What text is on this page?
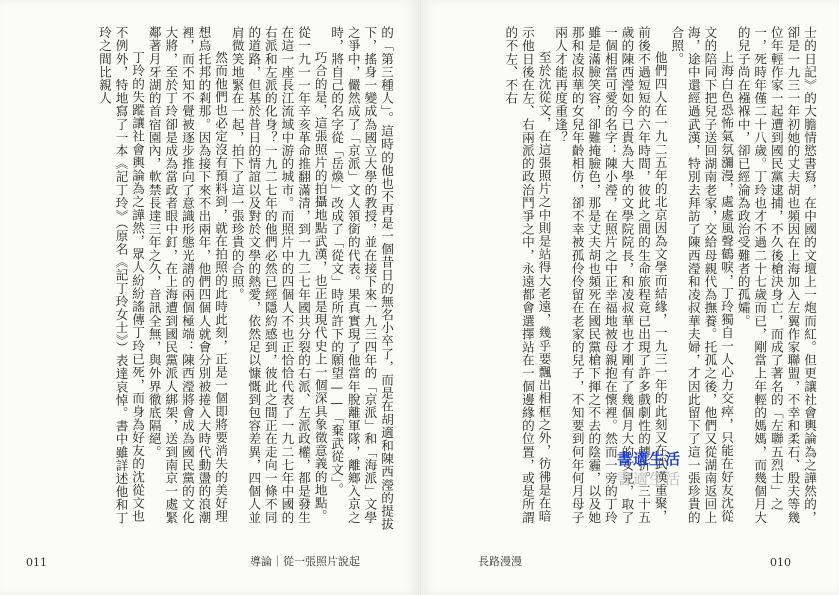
的「第三種人」。這時的他也不再是一個昔日的無名小卒了，而是在胡適和陳西瀅的提拔下，搖身一變成為國立大學的教授，並在接下來一九三四年的「京派」和「海派」文學之爭中，儼然成了「京派」文人領銜的代表。果真實現了他當年脫離軍隊，離鄉入京之時，將自己的名字從「岳煥」改成了「從文」時所許下的願望——「棄武從文」。

巧合的是，這張照片的拍攝地點武漢，也正是現代史上一個深具象徵意義的地點。從一九一一年辛亥革命推翻滿清，到一九二七年國共分裂的右派、左派政權，都是發生在這一座長江流域中游的城市。而照片中的四個人不也正恰恰代表了一九二七年中國的右派和左派的化身？一九二七年的他們必然已經隱約感到，彼此之間正在走向一條不同的道路，但基於昔日的情誼以及對於文學的熱愛，依然足以慷慨到包容差異，四個人並肩微笑地緊在一起，拍下了這一張珍貴的合照。

然而他們也必定沒有預料到，就在拍照的此時此刻，正是一個即將要消失的美好理想烏托邦的剎那。因為接下來不出兩年，他們四個人就會分別被捲入大時代動盪的浪潮裡，而不知不覺被逐步推向了意識形態光譜的兩個極端：陳西瀅將會成為國民黨的文化大將，至於丁玲卻是成為當政者眼中釘，在上海遭到國民黨派人綁架，送到南京一處緊鄰著月牙湖的首宿園內，軟禁長達三年之久，音訊全無，與外界徹底隔絕。

丁玲的失蹤讓社會輿論為之譁然，眾人紛紛謠傳丁玲已死，而身為好友的沈從文也不例外，特地寫了一本《記丁玲》（原名《記丁玲女士》）表達哀悼。書中雖詳述他和丁玲之間比親人

011	導論｜從一張照片說起

士的日記》的大膽情慾書寫，在中國的文壇上一炮而紅。但更讓社會輿論為之譁然的，卻是一九三一年初她的丈夫胡也頻因在上海加入左翼作家聯盟，不幸和柔石、殷夫等幾位年輕作家一起遭到國民黨逮捕，不久後槍決身亡，而成了著名的「左聯五烈士」之一，死時年僅二十八歲。丁玲也才不過二十七歲而已，剛當上年輕的媽媽，而幾個月大的兒子尚在襁褓中，卻已經淪為政治受難者的孤孀。

上海白色恐怖氣氛瀰漫，處處風聲鶴唳，丁玲獨自一人心力交瘁，只能在好友沈從文的陪同下把兒子送回湖南老家，交給母親代為撫養。托孤之後，他們又從湖南返回上海，途中還經過武漢，特別去拜訪了陳西瀅和凌叔華夫婦，才因此留下了這一張珍貴的合照。

他們四人在一九二五年的北京因為文學而結緣，一九三一年的此刻又在武漢重聚，前後不過短短的六年時間，彼此之間的生命旅程竟已出現了許多戲劇性的轉折。三十五歲的陳西瀅如今已貴為大學的文學院院長，和凌叔華也才剛有了幾個月大的女兒，取了一個相當可愛的名字：陳小瀅，在照片之中正幸福地被母親抱在懷裡。然而一旁的丁玲雖是滿臉笑容，卻難掩臉色，那是丈夫胡也頻死在國民黨槍下揮之不去的陰霾，以及她那和凌叔華的女兒年齡相仿，卻不幸被孤伶伶留在老家的兒子，不知要到何年何月母子兩人才能再度重逢？

至於沈從文，在這張照片之中則是站得大老遠，幾乎要飄出相框之外，彷彿是在暗示他日後在左、右兩派的政治鬥爭之中，永遠都會選擇站在一個邊緣的位置，或是所謂的不左、不右

長路漫漫	010
書適生活
書適生活
